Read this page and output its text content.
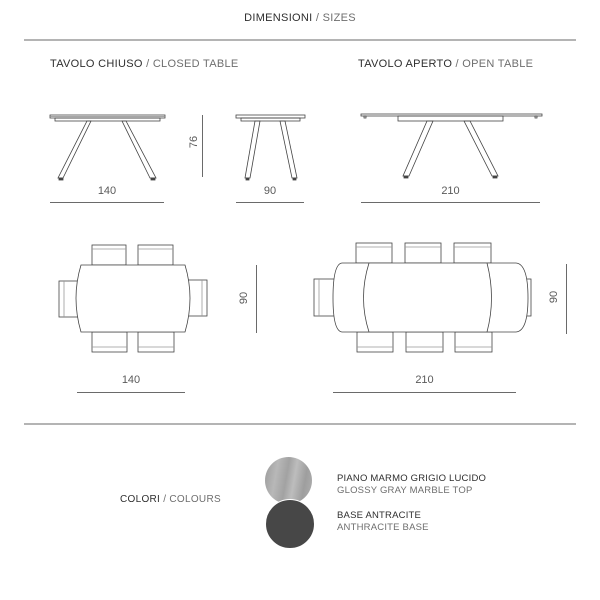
DIMENSIONI / SIZES
TAVOLO CHIUSO / CLOSED TABLE	TAVOLO APERTO / OPEN TABLE
76
140	90	210
90
140
90
210
COLORI / COLOURS
PIANO MARMO GRIGIO LUCIDO
GLOSSY GRAY MARBLE TOP
BASE ANTRACITE
ANTHRACITE BASE
